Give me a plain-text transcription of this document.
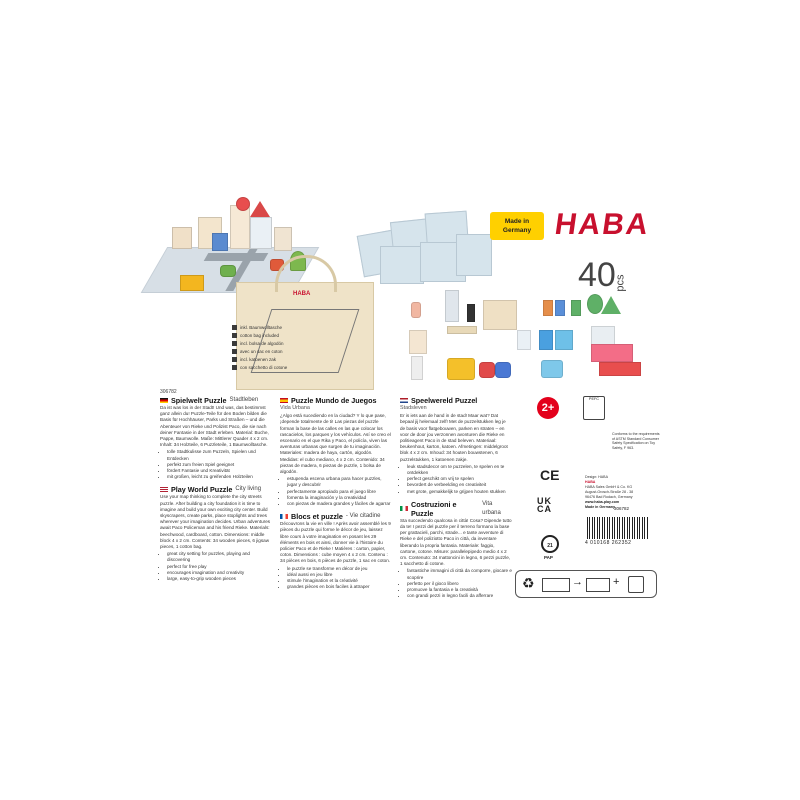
HABA
inkl. Baumwolltasche
cotton bag included
incl. bolsa de algodón
avec un sac en coton
incl. katoenen zak
con sacchetto di cotone
Made in
Germany HABA
40pcs
306782
Spielwelt Puzzle Stadtleben

Da ist was los in der Stadt! Und was, das bestimmst ganz allein du! Puzzle-Teile für den Boden bilden die Basis für Hochhäuser, Parks und Straßen – und die Abenteuer von Rieke und Polizist Paco, die sie nach deiner Fantasie in der Stadt erleben. Material: Buche, Pappe, Baumwolle. Maße: Mittlerer Quader 4 x 2 cm. Inhalt: 34 Holzteile, 6 Puzzleteile, 1 Baumwolltasche.

• tolle Stadtkulisse zum Puzzeln, Spielen und Entdecken
• perfekt zum freien Spiel geeignet
• fördert Fantasie und Kreativität
• mit großen, leicht zu greifenden Holzteilen
Play World Puzzle City living

Use your map thinking to complete the city streets puzzle. After building a city foundation it is time to imagine and build your own exciting city center. Build skyscrapers, create parks, place stoplights and trees wherever your imagination decides. Urban adventures await Paco Policeman and his friend Rieke. Materials: beechwood, cardboard, cotton. Dimensions: middle block 4 x 2 cm. Contents: 34 wooden pieces, 6 jigsaw pieces, 1 cotton bag.

• great city setting for puzzles, playing and discovering
• perfect for free play
• encourages imagination and creativity
• large, easy-to-grip wooden pieces
Puzzle Mundo de Juegos
Vida Urbana

¿Algo está sucediendo en la ciudad? Y lo que pase, ¡depende totalmente de ti! Las piezas del puzzle forman la base de las calles en las que colocar los rascacielos, los parques y los vehículos. Así se creo el escenario en el que Rika y Paco, el policía, viven las aventuras urbanas que surgen de tu imaginación. Materiales: madera de haya, cartón, algodón. Medidas: el cubo mediano, 4 x 2 cm. Contenido: 34 piezas de madera, 6 piezas de puzzle, 1 bolsa de algodón.

• estupenda escena urbana para hacer puzzles, jugar y descubrir
• perfectamente apropiado para el juego libre
• fomenta la imaginación y la creatividad
• con piezas de madera grandes y fáciles de agarrar
Blocs et puzzle - Vie citadine

Découvrons la vie en ville ! Après avoir assemblé les 9 pièces du puzzle qui forme le décor de jeu, laissez libre cours à votre imagination en posant les 29 éléments en bois et ainsi, donner vie à l'histoire du policier Paco et de Rieke ! Matières : carton, papier, coton. Dimensions : cube moyen 4 x 2 cm. Contenu : 34 pièces en bois, 6 pièces de puzzle, 1 sac en coton.

• le puzzle se transforme en décor de jeu
• idéal aussi en jeu libre
• stimule l'imagination et la créativité
• grandes pièces en bois faciles à attraper
Speelwereld Puzzel
Stadsleven

Er is iets aan de hand in de stad! Maar wat? Dat bepaal jij helemaal zelf! Met de puzzelstukken leg je de basis voor flatgebouwen, parken en straten – en voor de door jou verzonnen avonturen die Rieke en politieagent Paco in de stad beleven. Materiaal: beukenhout, karton, katoen. Afmetingen: middelgroot blok 4 x 2 cm. Inhoud: 34 houten bouwstenen, 6 puzzelstukken, 1 katoenen zakje.

• leuk stadsdecor om te puzzelen, te spelen en te ontdekken
• perfect geschikt om vrij te spelen
• bevordert de verbeelding en creativiteit
• met grote, gemakkelijk te grijpen houten stukken
Costruzioni e Puzzle
Vita urbana

Sta succedendo qualcosa in città! Cosa? Dipende tutto da te! I pezzi del puzzle per il terreno formano la base per grattacieli, parchi, strade... e tante avventure di Rieke e del poliziotto Paco in città, da inventare liberando la propria fantasia. Materiale: faggio, cartone, cotone. Misure: parallelepipedo medio 4 x 2 cm. Contenuto: 34 mattoncini in legno, 6 pezzi puzzle, 1 sacchetto di cotone.

• fantastiche immagini di città da comporre, giocare e scoprire
• perfetto per il gioco libero
• promuove la fantasia e la creatività
• con grandi pezzi in legno facili da afferrare
2+
PEFC
Conforms to the requirements of ASTM Standard Consumer Safety Specification on Toy Safety, F 963.
CE	Design: HABA
HABA
HABA Sales GmbH & Co. KG
August-Grosch-Straße 28 - 38
96476 Bad Rodach, Germany
www.haba-play.com
Made in Germany
UK
CA	306782
4 010168 262352
21
PAP
♻	→	+
